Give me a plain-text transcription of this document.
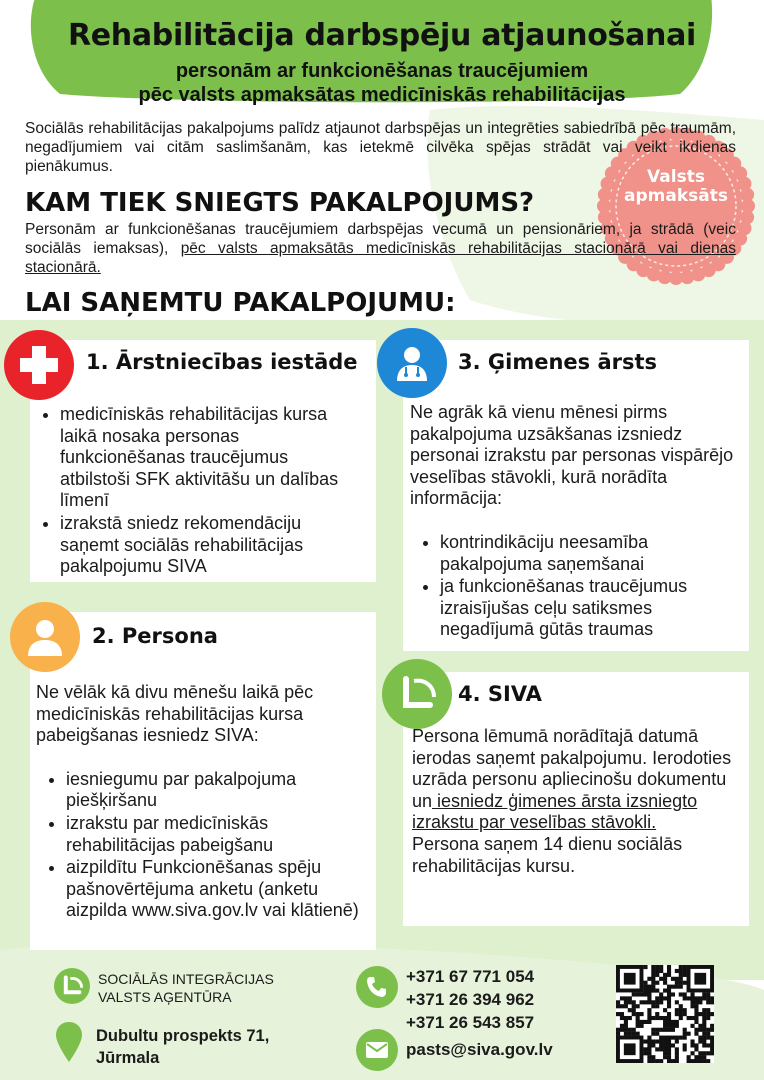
Rehabilitācija darbspēju atjaunošanai
personām ar funkcionēšanas traucējumiem
pēc valsts apmaksātas medicīniskās rehabilitācijas
Valsts
apmaksāts

Sociālās rehabilitācijas pakalpojums palīdz atjaunot darbspējas un integrēties sabiedrībā pēc traumām, negadījumiem vai citām saslimšanām, kas ietekmē cilvēka spējas strādāt vai veikt ikdienas pienākumus.

KAM TIEK SNIEGTS PAKALPOJUMS?

Personām ar funkcionēšanas traucējumiem darbspējas vecumā un pensionāriem, ja strādā (veic sociālās iemaksas), pēc valsts apmaksātās medicīniskās rehabilitācijas stacionārā vai dienas stacionārā.

LAI SAŅEMTU PAKALPOJUMU:
1. Ārstniecības iestāde
• medicīniskās rehabilitācijas kursa laikā nosaka personas funkcionēšanas traucējumus atbilstoši SFK aktivitāšu un dalības līmenī
• izrakstā sniedz rekomendāciju saņemt sociālās rehabilitācijas pakalpojumu SIVA
3. Ģimenes ārsts

Ne agrāk kā vienu mēnesi pirms pakalpojuma uzsākšanas izsniedz personai izrakstu par personas vispārējo veselības stāvokli, kurā norādīta informācija:

• kontrindikāciju neesamība pakalpojuma saņemšanai
• ja funkcionēšanas traucējumus izraisījušas ceļu satiksmes negadījumā gūtās traumas
2. Persona

Ne vēlāk kā divu mēnešu laikā pēc medicīniskās rehabilitācijas kursa pabeigšanas iesniedz SIVA:

• iesniegumu par pakalpojuma piešķiršanu
• izrakstu par medicīniskās rehabilitācijas pabeigšanu
• aizpildītu Funkcionēšanas spēju pašnovērtējuma anketu (anketu aizpilda www.siva.gov.lv vai klātienē)
4. SIVA

Persona lēmumā norādītajā datumā ierodas saņemt pakalpojumu. Ierodoties uzrāda personu apliecinošu dokumentu un iesniedz ģimenes ārsta izsniegto izrakstu par veselības stāvokli.
Persona saņem 14 dienu sociālās rehabilitācijas kursu.

SOCIĀLĀS INTEGRĀCIJAS
VALSTS AĢENTŪRA
Dubultu prospekts 71,
Jūrmala
+371 67 771 054
+371 26 394 962
+371 26 543 857
pasts@siva.gov.lv
